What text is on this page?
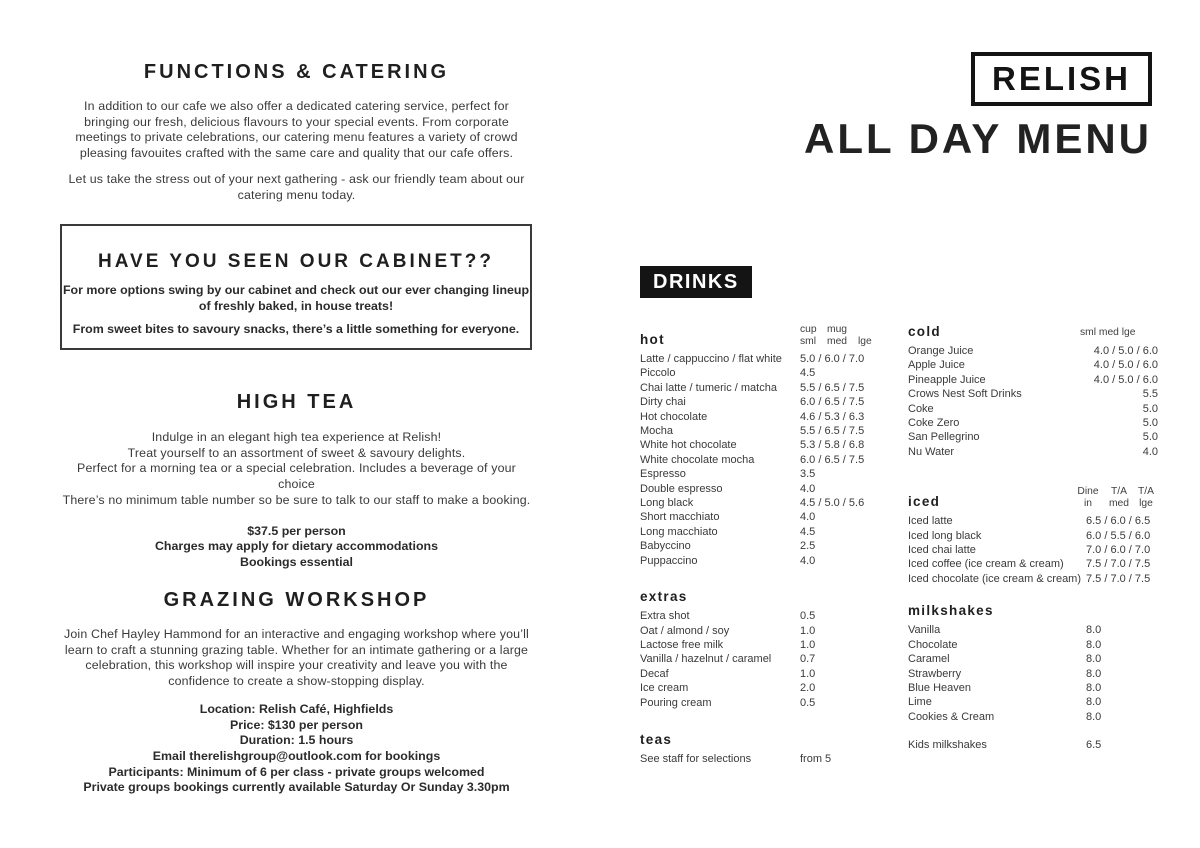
FUNCTIONS & CATERING

In addition to our cafe we also offer a dedicated catering service, perfect for bringing our fresh, delicious flavours to your special events. From corporate meetings to private celebrations, our catering menu features a variety of crowd pleasing favouites crafted with the same care and quality that our cafe offers.

Let us take the stress out of your next gathering - ask our friendly team about our catering menu today.

HAVE YOU SEEN OUR CABINET??

For more options swing by our cabinet and check out our ever changing lineup of freshly baked, in house treats!

From sweet bites to savoury snacks, there’s a little something for everyone.

HIGH TEA
Indulge in an elegant high tea experience at Relish!
Treat yourself to an assortment of sweet & savoury delights.
Perfect for a morning tea or a special celebration. Includes a beverage of your choice
There’s no minimum table number so be sure to talk to our staff to make a booking.
$37.5 per person
Charges may apply for dietary accommodations
Bookings essential
GRAZING WORKSHOP

Join Chef Hayley Hammond for an interactive and engaging workshop where you’ll learn to craft a stunning grazing table. Whether for an intimate gathering or a large celebration, this workshop will inspire your creativity and leave you with the confidence to create a show-stopping display.

Location: Relish Café, Highfields
Price: $130 per person
Duration: 1.5 hours
Email therelishgroup@outlook.com for bookings
Participants: Minimum of 6 per class - private groups welcomed
Private groups bookings currently available Saturday Or Sunday 3.30pm
RELISH
ALL DAY MENU
DRINKS
hot
cup mug
sml med lge
Latte / cappuccino / flat white	5.0 / 6.0 / 7.0
Piccolo	4.5
Chai latte / tumeric / matcha	5.5 / 6.5 / 7.5
Dirty chai	6.0 / 6.5 / 7.5
Hot chocolate	4.6 / 5.3 / 6.3
Mocha	5.5 / 6.5 / 7.5
White hot chocolate	5.3 / 5.8 / 6.8
White chocolate mocha	6.0 / 6.5 / 7.5
Espresso	3.5
Double espresso	4.0
Long black	4.5 / 5.0 / 5.6
Short macchiato	4.0
Long macchiato	4.5
Babyccino	2.5
Puppaccino	4.0
extras
Extra shot	0.5
Oat / almond / soy	1.0
Lactose free milk	1.0
Vanilla / hazelnut / caramel	0.7
Decaf	1.0
Ice cream	2.0
Pouring cream	0.5
teas
See staff for selections	from 5
cold	sml med lge
Orange Juice	4.0 / 5.0 / 6.0
Apple Juice	4.0 / 5.0 / 6.0
Pineapple Juice	4.0 / 5.0 / 6.0
Crows Nest Soft Drinks	5.5
Coke	5.0
Coke Zero	5.0
San Pellegrino	5.0
Nu Water	4.0
iced
Dine
in
T/A
med
T/A
lge
Iced latte	6.5 / 6.0 / 6.5
Iced long black	6.0 / 5.5 / 6.0
Iced chai latte	7.0 / 6.0 / 7.0
Iced coffee (ice cream & cream)	7.5 / 7.0 / 7.5
Iced chocolate (ice cream & cream) 7.5 / 7.0 / 7.5
milkshakes
Vanilla	8.0
Chocolate	8.0
Caramel	8.0
Strawberry	8.0
Blue Heaven	8.0
Lime	8.0
Cookies & Cream	8.0
Kids milkshakes	6.5
